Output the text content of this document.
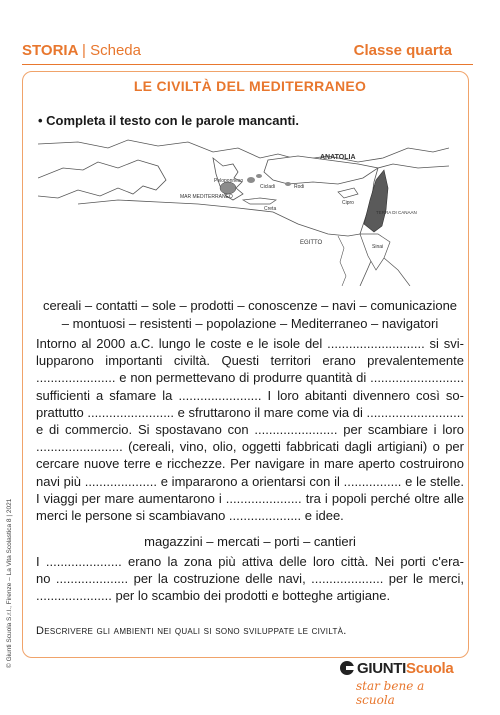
STORIA | Scheda	Classe quarta
LE CIVILTÀ DEL MEDITERRANEO
• Completa il testo con le parole mancanti.
ANATOLIA
Peloponneso
Cicladi	Rodi
MAR MEDITERRANEO
Creta
Cipro
TERRA DI CANAAN
EGITTO
Sinai
cereali – contatti – sole – prodotti – conoscenze – navi – comunicazione
– montuosi – resistenti – popolazione – Mediterraneo – navigatori
Intorno al 2000 a.C. lungo le coste e le isole del ........................... si svi-
lupparono importanti civiltà. Questi territori erano prevalentemente
...................... e non permettevano di produrre quantità di ..........................
sufficienti a sfamare la ....................... I loro abitanti divennero così so-
prattutto ........................ e sfruttarono il mare come via di ...........................
e di commercio. Si spostavano con ....................... per scambiare i loro
........................ (cereali, vino, olio, oggetti fabbricati dagli artigiani) o per
cercare nuove terre e ricchezze. Per navigare in mare aperto costruirono
navi più .................... e impararono a orientarsi con il ................ e le stelle.
I viaggi per mare aumentarono i ..................... tra i popoli perché oltre alle
merci le persone si scambiavano .................... e idee.
magazzini – mercati – porti – cantieri
I ..................... erano la zona più attiva delle loro città. Nei porti c'era-
no .................... per la costruzione delle navi, .................... per le merci,
..................... per lo scambio dei prodotti e botteghe artigiane.
Descrivere gli ambienti nei quali si sono sviluppate le civiltà.
© Giunti Scuola S.r.l., Firenze – La Vita Scolastica 8 | 2021
GIUNTIScuola
star bene a scuola
